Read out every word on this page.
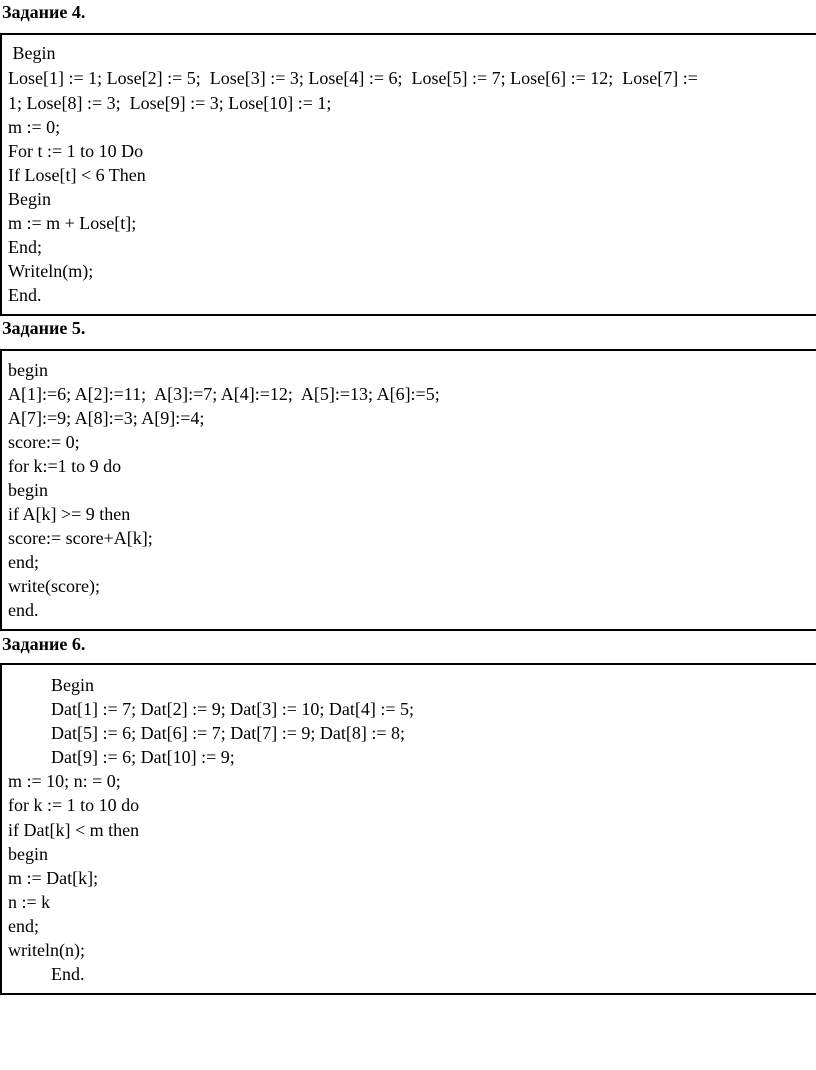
Задание 4.
Begin
Lose[1] := 1; Lose[2] := 5;  Lose[3] := 3; Lose[4] := 6;  Lose[5] := 7; Lose[6] := 12;  Lose[7] :=
1; Lose[8] := 3;  Lose[9] := 3; Lose[10] := 1;
m := 0;
For t := 1 to 10 Do
If Lose[t] < 6 Then
Begin
m := m + Lose[t];
End;
Writeln(m);
End.
Задание 5.
begin
A[1]:=6; A[2]:=11;  A[3]:=7; A[4]:=12;  A[5]:=13; A[6]:=5;
A[7]:=9; A[8]:=3; A[9]:=4;
score:= 0;
for k:=1 to 9 do
begin
if A[k] >= 9 then
score:= score+A[k];
end;
write(score);
end.
Задание 6.
Begin
Dat[1] := 7; Dat[2] := 9; Dat[3] := 10; Dat[4] := 5;
Dat[5] := 6; Dat[6] := 7; Dat[7] := 9; Dat[8] := 8;
Dat[9] := 6; Dat[10] := 9;
m := 10; n: = 0;
for k := 1 to 10 do
if Dat[k] < m then
begin
m := Dat[k];
n := k
end;
writeln(n);
End.
